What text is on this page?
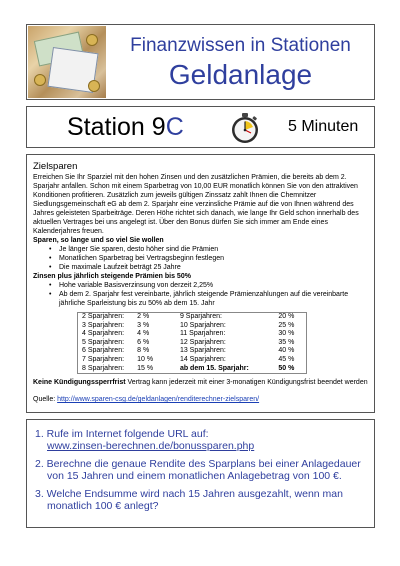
Finanzwissen in Stationen
Geldanlage
Station 9C	5 Minuten
Zielsparen

Erreichen Sie Ihr Sparziel mit den hohen Zinsen und den zusätzlichen Prämien, die bereits ab dem 2. Sparjahr anfallen. Schon mit einem Sparbetrag von 10,00 EUR monatlich können Sie von den attraktiven Konditionen profitieren. Zusätzlich zum jeweils gültigen Zinssatz zahlt Ihnen die Chemnitzer Siedlungsgemeinschaft eG ab dem 2. Sparjahr eine verzinsliche Prämie auf die von Ihnen während des Jahres geleisteten Sparbeiträge. Deren Höhe richtet sich danach, wie lange Ihr Geld schon innerhalb des aktuellen Vertrages bei uns angelegt ist. Über den Bonus dürfen Sie sich immer am Ende eines Kalenderjahres freuen.

Sparen, so lange und so viel Sie wollen
• Je länger Sie sparen, desto höher sind die Prämien
• Monatlichen Sparbetrag bei Vertragsbeginn festlegen
• Die maximale Laufzeit beträgt 25 Jahre
Zinsen plus jährlich steigende Prämien bis 50%
• Hohe variable Basisverzinsung von derzeit 2,25%
• Ab dem 2. Sparjahr fest vereinbarte, jährlich steigende Prämienzahlungen auf die vereinbarte jährliche Sparleistung bis zu 50% ab dem 15. Jahr
2 Sparjahren:	2 %	9 Sparjahren:	20 %
3 Sparjahren:	3 %	10 Sparjahren:	25 %
4 Sparjahren:	4 %	11 Sparjahren:	30 %
5 Sparjahren:	6 %	12 Sparjahren:	35 %
6 Sparjahren:	8 %	13 Sparjahren:	40 %
7 Sparjahren:	10 %	14 Sparjahren:	45 %
8 Sparjahren:	15 %	ab dem 15. Sparjahr:	50 %
Keine Kündigungssperrfrist Vertrag kann jederzeit mit einer 3-monatigen Kündigungsfrist beendet werden
Quelle: http://www.sparen-csg.de/geldanlagen/renditerechner-zielsparen/
1. Rufe im Internet folgende URL auf:
www.zinsen-berechnen.de/bonussparen.php
2. Berechne die genaue Rendite des Sparplans bei einer Anlagedauer
von 15 Jahren und einem monatlichen Anlagebetrag von 100 €.
3. Welche Endsumme wird nach 15 Jahren ausgezahlt, wenn man
monatlich 100 € anlegt?
